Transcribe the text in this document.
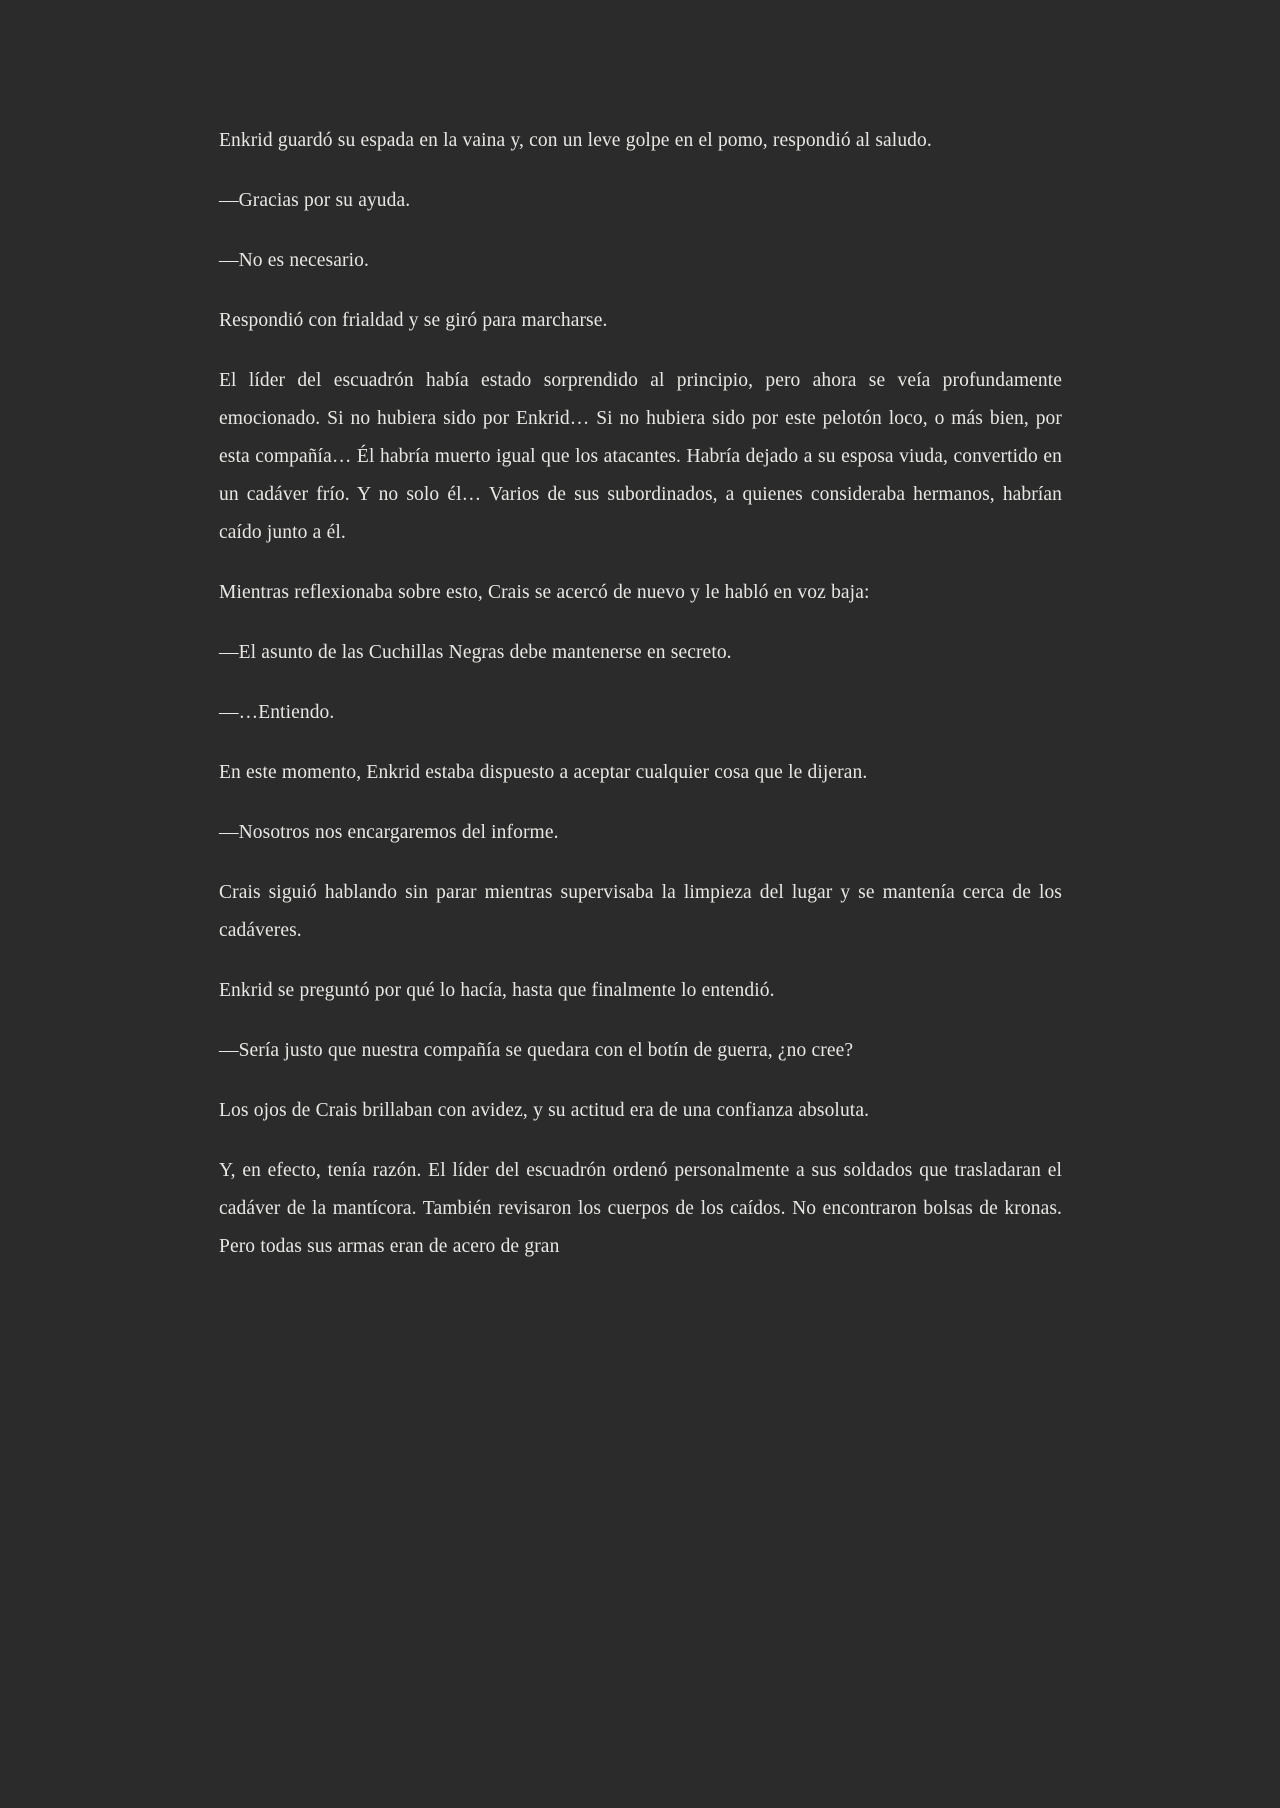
Enkrid guardó su espada en la vaina y, con un leve golpe en el pomo, respondió al saludo.

—Gracias por su ayuda.

—No es necesario.

Respondió con frialdad y se giró para marcharse.

El líder del escuadrón había estado sorprendido al principio, pero ahora se veía profundamente emocionado. Si no hubiera sido por Enkrid… Si no hubiera sido por este pelotón loco, o más bien, por esta compañía… Él habría muerto igual que los atacantes. Habría dejado a su esposa viuda, convertido en un cadáver frío. Y no solo él… Varios de sus subordinados, a quienes consideraba hermanos, habrían caído junto a él.

Mientras reflexionaba sobre esto, Crais se acercó de nuevo y le habló en voz baja:

—El asunto de las Cuchillas Negras debe mantenerse en secreto.

—…Entiendo.

En este momento, Enkrid estaba dispuesto a aceptar cualquier cosa que le dijeran.

—Nosotros nos encargaremos del informe.

Crais siguió hablando sin parar mientras supervisaba la limpieza del lugar y se mantenía cerca de los cadáveres.

Enkrid se preguntó por qué lo hacía, hasta que finalmente lo entendió.

—Sería justo que nuestra compañía se quedara con el botín de guerra, ¿no cree?

Los ojos de Crais brillaban con avidez, y su actitud era de una confianza absoluta.

Y, en efecto, tenía razón. El líder del escuadrón ordenó personalmente a sus soldados que trasladaran el cadáver de la mantícora. También revisaron los cuerpos de los caídos. No encontraron bolsas de kronas. Pero todas sus armas eran de acero de gran
